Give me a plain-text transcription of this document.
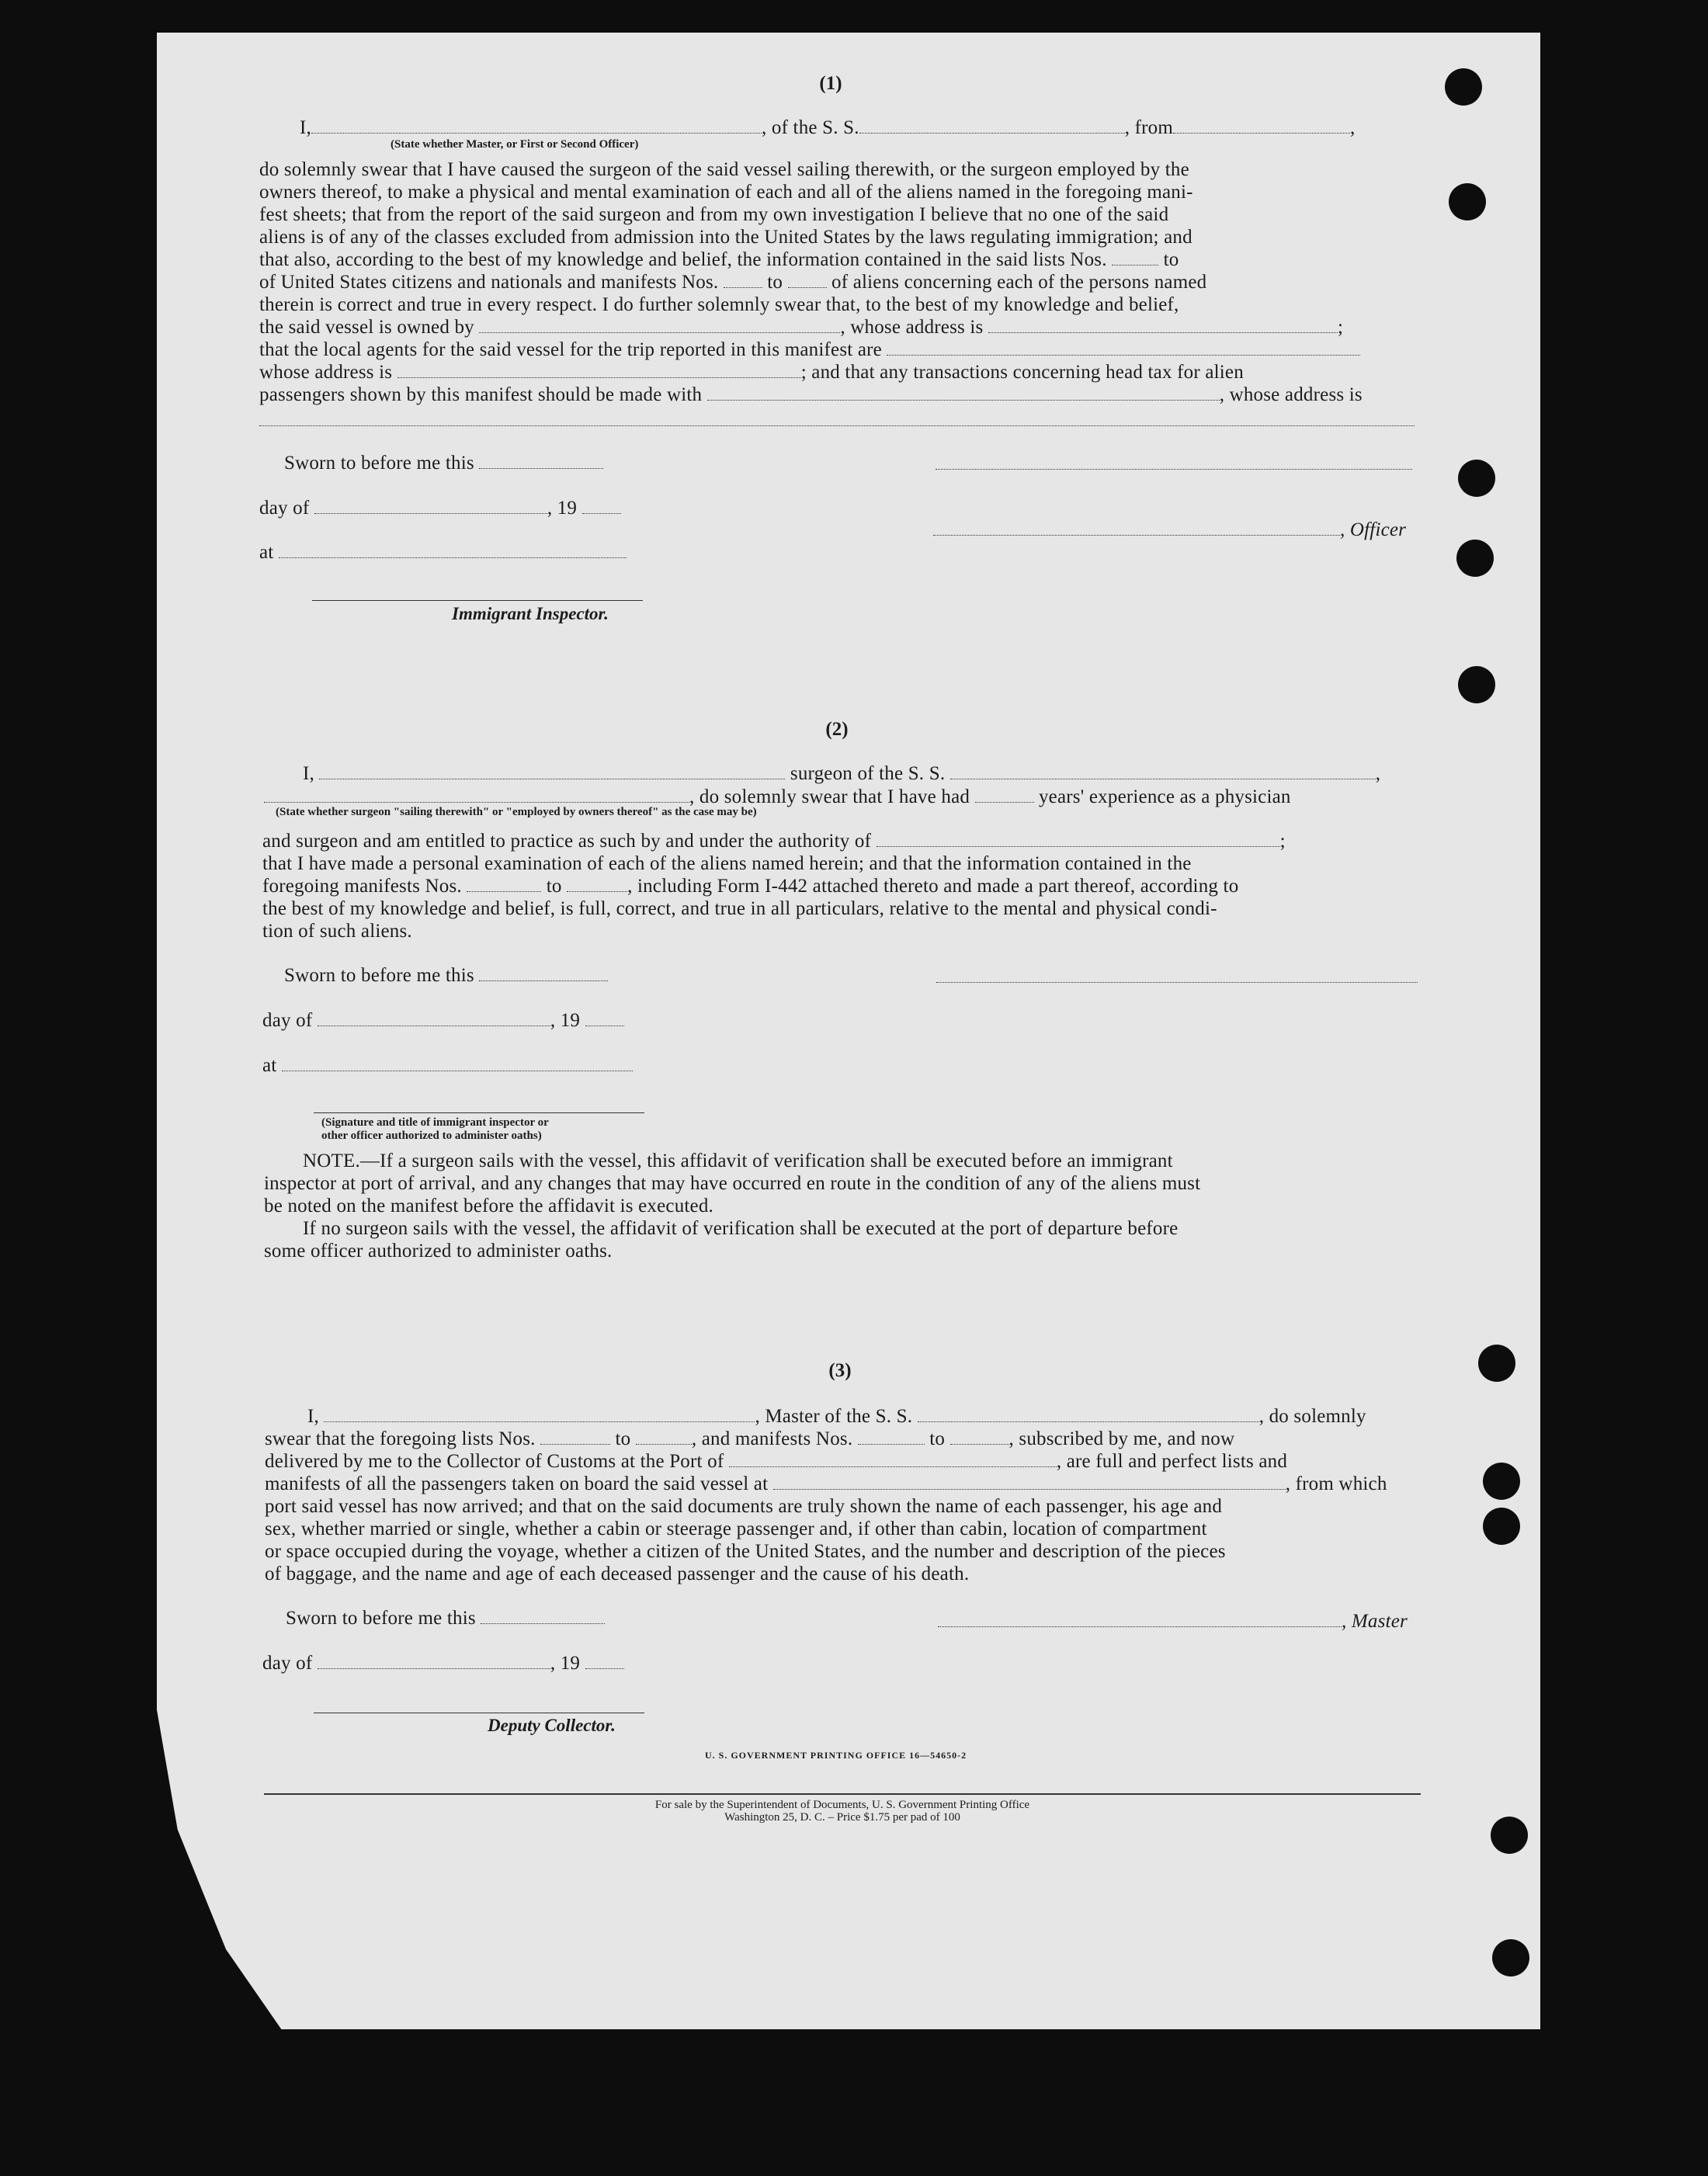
(1)
I,	, of the S. S.	, from	,
(State whether Master, or First or Second Officer)
do solemnly swear that I have caused the surgeon of the said vessel sailing therewith, or the surgeon employed by the
owners thereof, to make a physical and mental examination of each and all of the aliens named in the foregoing mani-
fest sheets; that from the report of the said surgeon and from my own investigation I believe that no one of the said
aliens is of any of the classes excluded from admission into the United States by the laws regulating immigration; and
that also, according to the best of my knowledge and belief, the information contained in the said lists Nos.	to
of United States citizens and nationals and manifests Nos.	to	of aliens concerning each of the persons named
therein is correct and true in every respect. I do further solemnly swear that, to the best of my knowledge and belief,
the said vessel is owned by	, whose address is	;
that the local agents for the said vessel for the trip reported in this manifest are
whose address is	; and that any transactions concerning head tax for alien
passengers shown by this manifest should be made with	, whose address is
Sworn to before me this
day of	, 19
, Officer
at
Immigrant Inspector.
(2)
I,	surgeon of the S. S.	,
, do solemnly swear that I have had	years' experience as a physician
(State whether surgeon "sailing therewith" or "employed by owners thereof" as the case may be)
and surgeon and am entitled to practice as such by and under the authority of	;
that I have made a personal examination of each of the aliens named herein; and that the information contained in the
foregoing manifests Nos.	to	, including Form I-442 attached thereto and made a part thereof, according to
the best of my knowledge and belief, is full, correct, and true in all particulars, relative to the mental and physical condi-
tion of such aliens.
Sworn to before me this
day of	, 19
at
(Signature and title of immigrant inspector or
other officer authorized to administer oaths)
NOTE.—If a surgeon sails with the vessel, this affidavit of verification shall be executed before an immigrant
inspector at port of arrival, and any changes that may have occurred en route in the condition of any of the aliens must
be noted on the manifest before the affidavit is executed.
If no surgeon sails with the vessel, the affidavit of verification shall be executed at the port of departure before
some officer authorized to administer oaths.
(3)
I,	, Master of the S. S.	, do solemnly
swear that the foregoing lists Nos.	to	, and manifests Nos.	to	, subscribed by me, and now
delivered by me to the Collector of Customs at the Port of	, are full and perfect lists and
manifests of all the passengers taken on board the said vessel at	, from which
port said vessel has now arrived; and that on the said documents are truly shown the name of each passenger, his age and
sex, whether married or single, whether a cabin or steerage passenger and, if other than cabin, location of compartment
or space occupied during the voyage, whether a citizen of the United States, and the number and description of the pieces
of baggage, and the name and age of each deceased passenger and the cause of his death.
Sworn to before me this	, Master
day of	, 19
Deputy Collector.
U. S. GOVERNMENT PRINTING OFFICE 16—54650-2
For sale by the Superintendent of Documents, U. S. Government Printing Office
Washington 25, D. C. – Price $1.75 per pad of 100
